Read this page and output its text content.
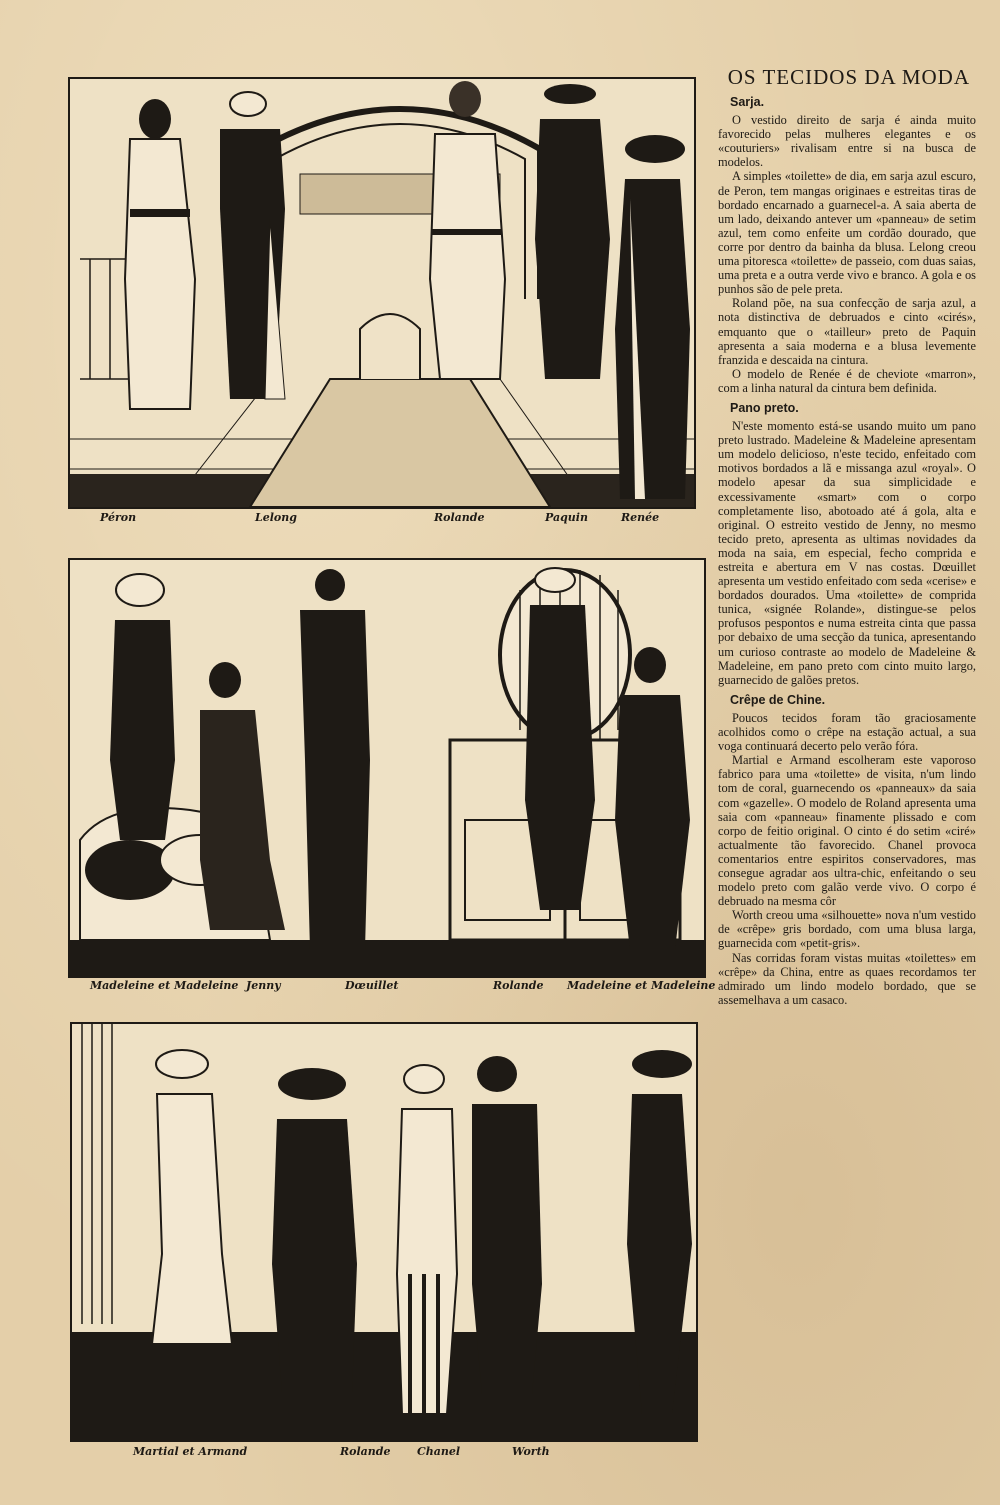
Péron	Lelong	Rolande	Paquin	Renée
Madeleine et Madeleine Jenny	Dœuillet	Rolande Madeleine et Madeleine
Martial et Armand	Rolande Chanel	Worth
OS TECIDOS DA MODA
Sarja.

O vestido direito de sarja é ainda muito favorecido pelas mulheres elegantes e os «couturiers» rivalisam entre si na busca de modelos.

A simples «toilette» de dia, em sarja azul escuro, de Peron, tem mangas originaes e estreitas tiras de bordado encarnado a guarnecel-a. A saia aberta de um lado, deixando antever um «panneau» de setim azul, tem como enfeite um cordão dourado, que corre por dentro da bainha da blusa. Lelong creou uma pitoresca «toilette» de passeio, com duas saias, uma preta e a outra verde vivo e branco. A gola e os punhos são de pele preta.

Roland põe, na sua confecção de sarja azul, a nota distinctiva de debruados e cinto «cirés», emquanto que o «tailleur» preto de Paquin apresenta a saia moderna e a blusa levemente franzida e descaida na cintura.

O modelo de Renée é de cheviote «marron», com a linha natural da cintura bem definida.

Pano preto.

N'este momento está-se usando muito um pano preto lustrado. Madeleine & Madeleine apresentam um modelo delicioso, n'este tecido, enfeitado com motivos bordados a lã e missanga azul «royal». O modelo apesar da sua simplicidade e excessivamente «smart» com o corpo completamente liso, abotoado até á gola, alta e original. O estreito vestido de Jenny, no mesmo tecido preto, apresenta as ultimas novidades da moda na saia, em especial, fecho comprida e estreita e abertura em V nas costas. Dœuillet apresenta um vestido enfeitado com seda «cerise» e bordados dourados. Uma «toilette» de comprida tunica, «signée Rolande», distingue-se pelos profusos pespontos e numa estreita cinta que passa por debaixo de uma secção da tunica, apresentando um curioso contraste ao modelo de Madeleine & Madeleine, em pano preto com cinto muito largo, guarnecido de galões pretos.

Crêpe de Chine.

Poucos tecidos foram tão graciosamente acolhidos como o crêpe na estação actual, a sua voga continuará decerto pelo verão fóra.

Martial e Armand escolheram este vaporoso fabrico para uma «toilette» de visita, n'um lindo tom de coral, guarnecendo os «panneaux» da saia com «gazelle». O modelo de Roland apresenta uma saia com «panneau» finamente plissado e com corpo de feitio original. O cinto é do setim «ciré» actualmente tão favorecido. Chanel provoca comentarios entre espiritos conservadores, mas consegue agradar aos ultra-chic, enfeitando o seu modelo preto com galão verde vivo. O corpo é debruado na mesma côr

Worth creou uma «silhouette» nova n'um vestido de «crêpe» gris bordado, com uma blusa larga, guarnecida com «petit-gris».

Nas corridas foram vistas muitas «toilettes» em «crêpe» da China, entre as quaes recordamos ter admirado um lindo modelo bordado, que se assemelhava a um casaco.
